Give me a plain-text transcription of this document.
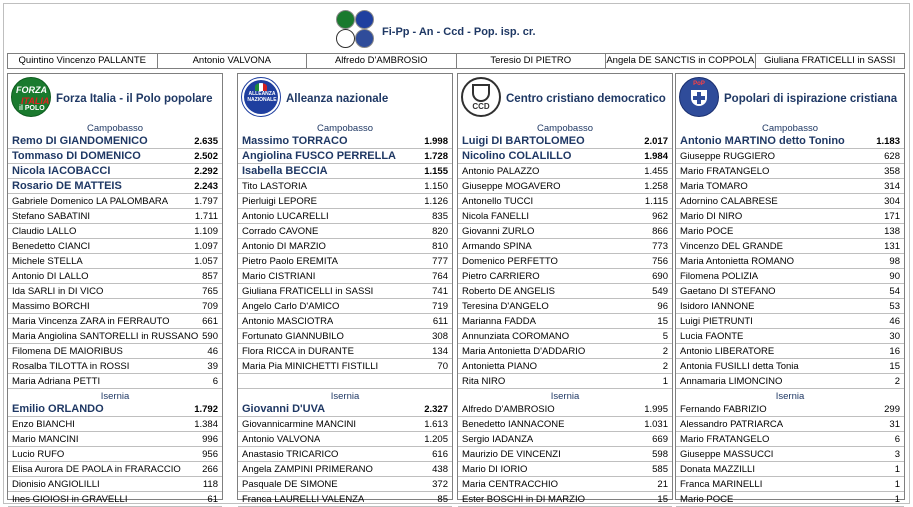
Fi-Pp - An - Ccd - Pop. isp. cr.
Quintino Vincenzo PALLANTE	Antonio VALVONA	Alfredo D'AMBROSIO	Teresio DI PIETRO	Angela DE SANCTIS in COPPOLA	Giuliana FRATICELLI in SASSI
FORZA
ITALIA
il POLO
Forza Italia - il Polo popolare
Campobasso
Remo DI GIANDOMENICO	2.635
Tommaso DI DOMENICO	2.502
Nicola IACOBACCI	2.292
Rosario DE MATTEIS	2.243
Gabriele Domenico LA PALOMBARA	1.797
Stefano SABATINI	1.711
Claudio LALLO	1.109
Benedetto CIANCI	1.097
Michele STELLA	1.057
Antonio DI LALLO	857
Ida SARLI in DI VICO	765
Massimo BORCHI	709
Maria Vincenza ZARA in FERRAUTO	661
Maria Angiolina SANTORELLI in RUSSANO 590
Filomena DE MAIORIBUS	46
Rosalba TILOTTA in ROSSI	39
Maria Adriana PETTI	6
Isernia
Emilio ORLANDO	1.792
Enzo BIANCHI	1.384
Mario MANCINI	996
Lucio RUFO	956
Elisa Aurora DE PAOLA in FRARACCIO 266
Dionisio ANGIOLILLI	118
Ines GIOIOSI in GRAVELLI	61
ALLEANZA
NAZIONALE Alleanza nazionale
Campobasso
Massimo TORRACO	1.998
Angiolina FUSCO PERRELLA	1.728
Isabella BECCIA	1.155
Tito LASTORIA	1.150
Pierluigi LEPORE	1.126
Antonio LUCARELLI	835
Corrado CAVONE	820
Antonio DI MARZIO	810
Pietro Paolo EREMITA	777
Mario CISTRIANI	764
Giuliana FRATICELLI in SASSI	741
Angelo Carlo D'AMICO	719
Antonio MASCIOTRA	611
Fortunato GIANNUBILO	308
Flora RICCA in DURANTE	134
Maria Pia MINICHETTI FISTILLI	70
Isernia
Giovanni D'UVA	2.327
Giovannicarmine MANCINI	1.613
Antonio VALVONA	1.205
Anastasio TRICARICO	616
Angela ZAMPINI PRIMERANO	438
Pasquale DE SIMONE	372
Franca LAURELLI VALENZA	85
CCD
Centro cristiano democratico
Campobasso
Luigi DI BARTOLOMEO	2.017
Nicolino COLALILLO	1.984
Antonio PALAZZO	1.455
Giuseppe MOGAVERO	1.258
Antonello TUCCI	1.115
Nicola FANELLI	962
Giovanni ZURLO	866
Armando SPINA	773
Domenico PERFETTO	756
Pietro CARRIERO	690
Roberto DE ANGELIS	549
Teresina D'ANGELO	96
Marianna FADDA	15
Annunziata COROMANO	5
Maria Antonietta D'ADDARIO	2
Antonietta PIANO	2
Rita NIRO	1
Isernia
Alfredo D'AMBROSIO	1.995
Benedetto IANNACONE	1.031
Sergio IADANZA	669
Maurizio DE VINCENZI	598
Mario DI IORIO	585
Maria CENTRACCHIO	21
Ester BOSCHI in DI MARZIO	15
PoP
Popolari di ispirazione cristiana
Campobasso
Antonio MARTINO detto Tonino	1.183
Giuseppe RUGGIERO	628
Mario FRATANGELO	358
Maria TOMARO	314
Adornino CALABRESE	304
Mario DI NIRO	171
Mario POCE	138
Vincenzo DEL GRANDE	131
Maria Antonietta ROMANO	98
Filomena POLIZIA	90
Gaetano DI STEFANO	54
Isidoro IANNONE	53
Luigi PIETRUNTI	46
Lucia FAONTE	30
Antonio LIBERATORE	16
Antonia FUSILLI detta Tonia	15
Annamaria LIMONCINO	2
Isernia
Fernando FABRIZIO	299
Alessandro PATRIARCA	31
Mario FRATANGELO	6
Giuseppe MASSUCCI	3
Donata MAZZILLI	1
Franca MARINELLI	1
Mario POCE	1
